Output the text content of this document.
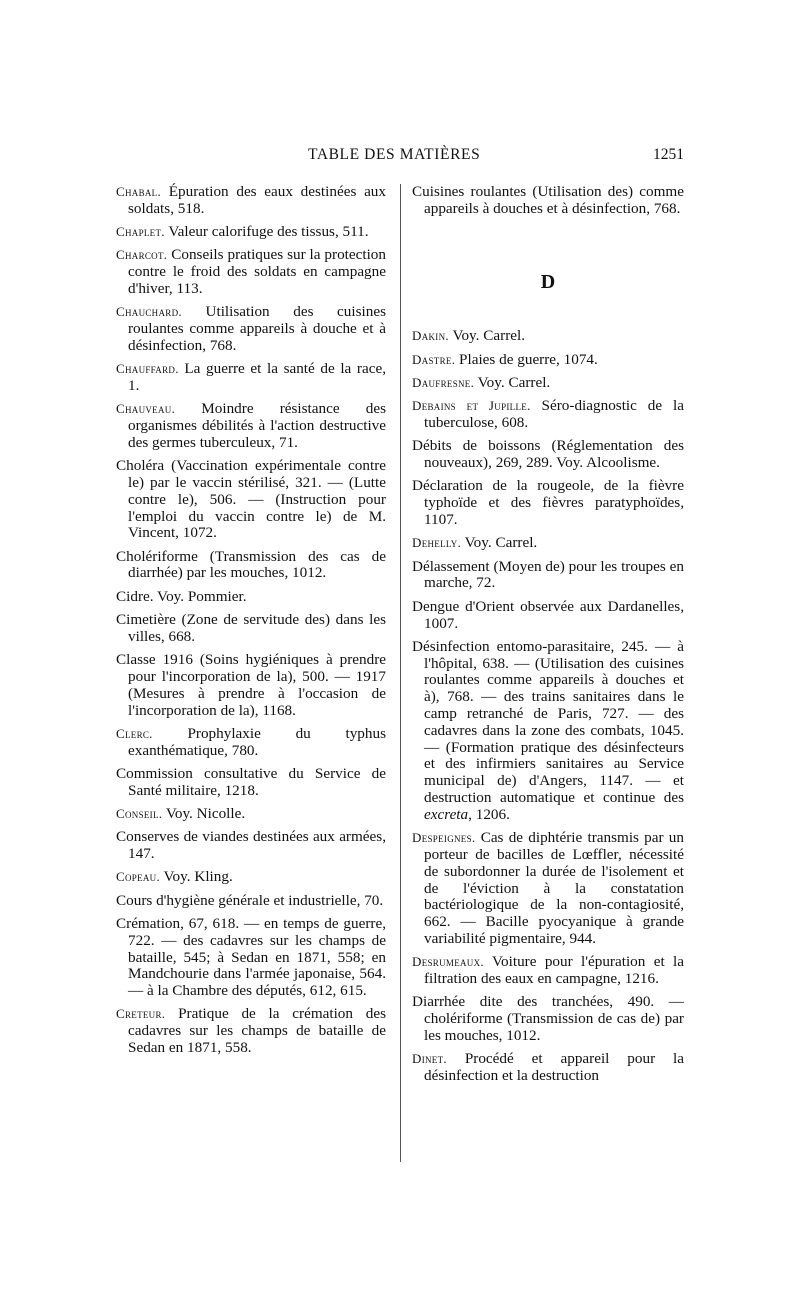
TABLE DES MATIÈRES	1251

Chabal. Épuration des eaux destinées aux soldats, 518.

Chaplet. Valeur calorifuge des tissus, 511.

Charcot. Conseils pratiques sur la protection contre le froid des soldats en campagne d'hiver, 113.

Chauchard. Utilisation des cuisines roulantes comme appareils à douche et à désinfection, 768.

Chauffard. La guerre et la santé de la race, 1.

Chauveau. Moindre résistance des organismes débilités à l'action destructive des germes tuberculeux, 71.

Choléra (Vaccination expérimentale contre le) par le vaccin stérilisé, 321. — (Lutte contre le), 506. — (Instruction pour l'emploi du vaccin contre le) de M. Vincent, 1072.

Cholériforme (Transmission des cas de diarrhée) par les mouches, 1012.

Cidre. Voy. Pommier.

Cimetière (Zone de servitude des) dans les villes, 668.

Classe 1916 (Soins hygiéniques à prendre pour l'incorporation de la), 500. — 1917 (Mesures à prendre à l'occasion de l'incorporation de la), 1168.

Clerc. Prophylaxie du typhus exanthématique, 780.

Commission consultative du Service de Santé militaire, 1218.

Conseil. Voy. Nicolle.

Conserves de viandes destinées aux armées, 147.

Copeau. Voy. Kling.

Cours d'hygiène générale et industrielle, 70.

Crémation, 67, 618. — en temps de guerre, 722. — des cadavres sur les champs de bataille, 545; à Sedan en 1871, 558; en Mandchourie dans l'armée japonaise, 564. — à la Chambre des députés, 612, 615.

Creteur. Pratique de la crémation des cadavres sur les champs de bataille de Sedan en 1871, 558.

Cuisines roulantes (Utilisation des) comme appareils à douches et à désinfection, 768.

D

Dakin. Voy. Carrel.

Dastre. Plaies de guerre, 1074.

Daufresne. Voy. Carrel.

Debains et Jupille. Séro-diagnostic de la tuberculose, 608.

Débits de boissons (Réglementation des nouveaux), 269, 289. Voy. Alcoolisme.

Déclaration de la rougeole, de la fièvre typhoïde et des fièvres paratyphoïdes, 1107.

Dehelly. Voy. Carrel.

Délassement (Moyen de) pour les troupes en marche, 72.

Dengue d'Orient observée aux Dardanelles, 1007.

Désinfection entomo-parasitaire, 245. — à l'hôpital, 638. — (Utilisation des cuisines roulantes comme appareils à douches et à), 768. — des trains sanitaires dans le camp retranché de Paris, 727. — des cadavres dans la zone des combats, 1045. — (Formation pratique des désinfecteurs et des infirmiers sanitaires au Service municipal de) d'Angers, 1147. — et destruction automatique et continue des excreta, 1206.

Despeignes. Cas de diphtérie transmis par un porteur de bacilles de Lœffler, nécessité de subordonner la durée de l'isolement et de l'éviction à la constatation bactériologique de la non-contagiosité, 662. — Bacille pyocyanique à grande variabilité pigmentaire, 944.

Desrumeaux. Voiture pour l'épuration et la filtration des eaux en campagne, 1216.

Diarrhée dite des tranchées, 490. — cholériforme (Transmission de cas de) par les mouches, 1012.

Dinet. Procédé et appareil pour la désinfection et la destruction
